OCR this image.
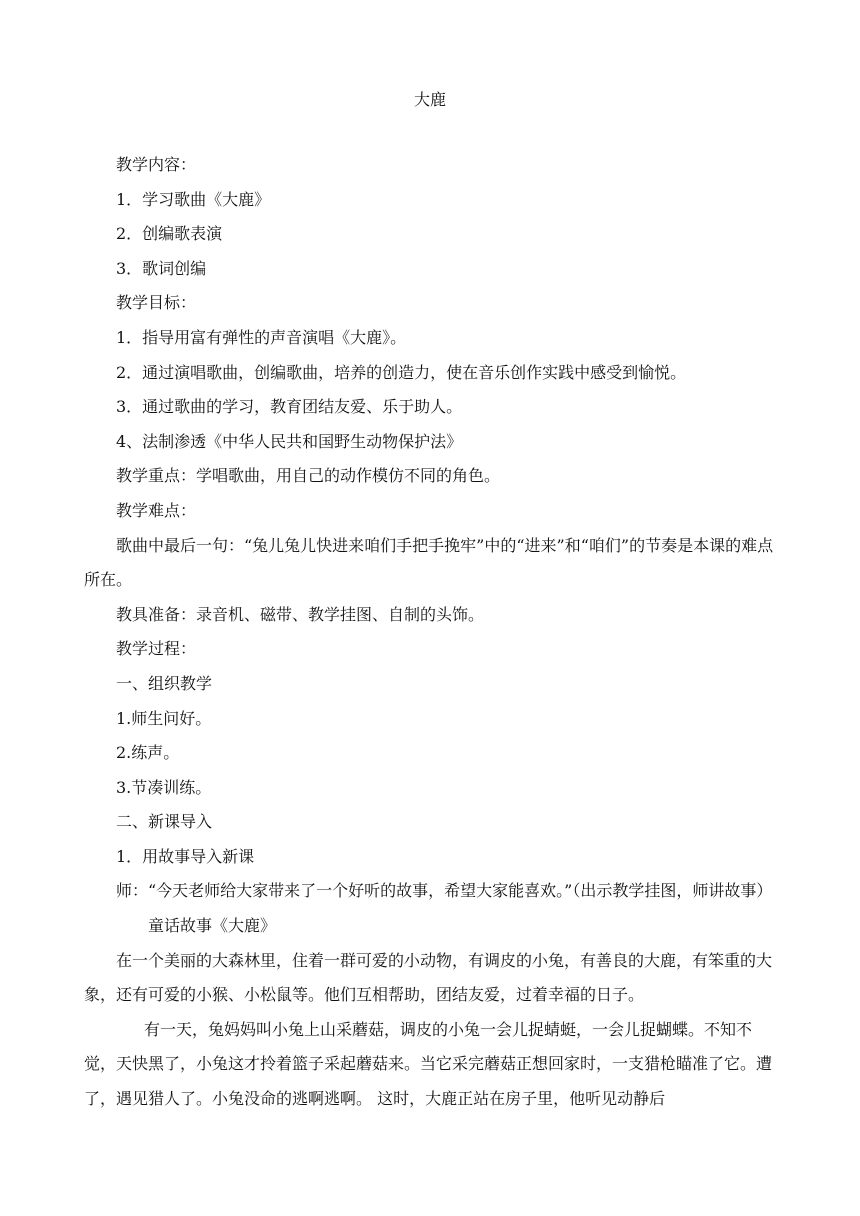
大鹿

教学内容：

1．学习歌曲《大鹿》

2．创编歌表演

3．歌词创编

教学目标：

1．指导用富有弹性的声音演唱《大鹿》。

2．通过演唱歌曲，创编歌曲，培养的创造力，使在音乐创作实践中感受到愉悦。

3．通过歌曲的学习，教育团结友爱、乐于助人。

4、法制渗透《中华人民共和国野生动物保护法》

教学重点：学唱歌曲，用自己的动作模仿不同的角色。

教学难点：

歌曲中最后一句：“兔儿兔儿快进来咱们手把手挽牢”中的“进来”和“咱们”的节奏是本课的难点所在。

教具准备：录音机、磁带、教学挂图、自制的头饰。

教学过程：

一、组织教学

1.师生问好。

2.练声。

3.节凑训练。

二、新课导入

1．用故事导入新课

师：“今天老师给大家带来了一个好听的故事，希望大家能喜欢。”（出示教学挂图，师讲故事）

童话故事《大鹿》

在一个美丽的大森林里，住着一群可爱的小动物，有调皮的小兔，有善良的大鹿，有笨重的大象，还有可爱的小猴、小松鼠等。他们互相帮助，团结友爱，过着幸福的日子。

有一天，兔妈妈叫小兔上山采蘑菇，调皮的小兔一会儿捉蜻蜓，一会儿捉蝴蝶。不知不觉，天快黑了，小兔这才拎着篮子采起蘑菇来。当它采完蘑菇正想回家时，一支猎枪瞄准了它。遭了，遇见猎人了。小兔没命的逃啊逃啊。 这时，大鹿正站在房子里，他听见动静后
